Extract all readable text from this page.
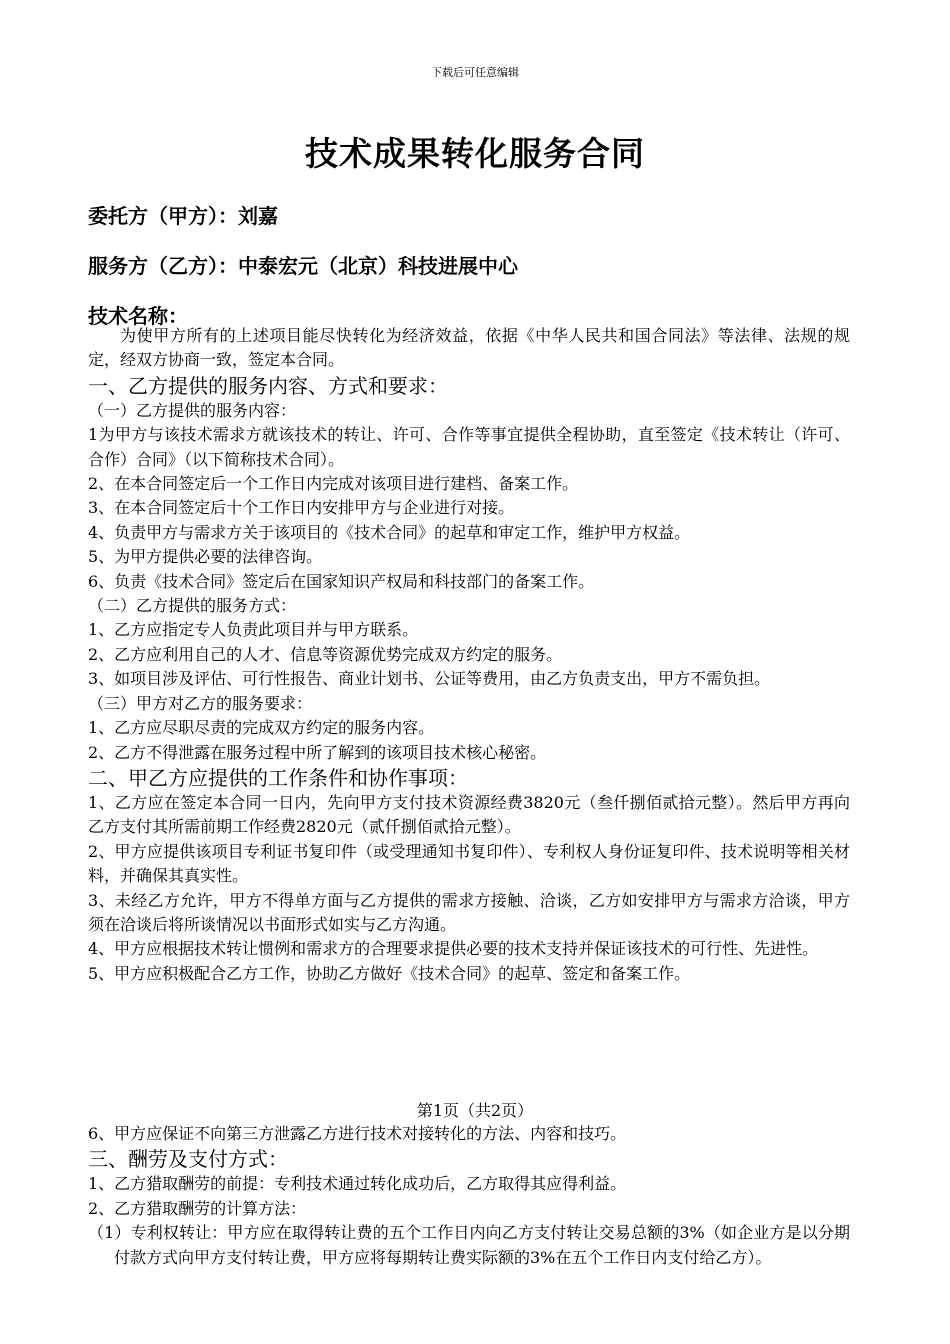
下载后可任意编辑
技术成果转化服务合同
委托方（甲方）：刘嘉
服务方（乙方）：中泰宏元（北京）科技进展中心
技术名称：

为使甲方所有的上述项目能尽快转化为经济效益，依据《中华人民共和国合同法》等法律、法规的规定，经双方协商一致，签定本合同。

一、乙方提供的服务内容、方式和要求：

（一）乙方提供的服务内容：

1为甲方与该技术需求方就该技术的转让、许可、合作等事宜提供全程协助，直至签定《技术转让（许可、合作）合同》（以下简称技术合同）。

2、在本合同签定后一个工作日内完成对该项目进行建档、备案工作。

3、在本合同签定后十个工作日内安排甲方与企业进行对接。

4、负责甲方与需求方关于该项目的《技术合同》的起草和审定工作，维护甲方权益。

5、为甲方提供必要的法律咨询。

6、负责《技术合同》签定后在国家知识产权局和科技部门的备案工作。

（二）乙方提供的服务方式：

1、乙方应指定专人负责此项目并与甲方联系。

2、乙方应利用自己的人才、信息等资源优势完成双方约定的服务。

3、如项目涉及评估、可行性报告、商业计划书、公证等费用，由乙方负责支出，甲方不需负担。

（三）甲方对乙方的服务要求：

1、乙方应尽职尽责的完成双方约定的服务内容。

2、乙方不得泄露在服务过程中所了解到的该项目技术核心秘密。

二、甲乙方应提供的工作条件和协作事项：

1、乙方应在签定本合同一日内，先向甲方支付技术资源经费3820元（叁仟捌佰贰拾元整）。然后甲方再向乙方支付其所需前期工作经费2820元（贰仟捌佰贰拾元整）。

2、甲方应提供该项目专利证书复印件（或受理通知书复印件）、专利权人身份证复印件、技术说明等相关材料，并确保其真实性。

3、未经乙方允许，甲方不得单方面与乙方提供的需求方接触、洽谈，乙方如安排甲方与需求方洽谈，甲方须在洽谈后将所谈情况以书面形式如实与乙方沟通。

4、甲方应根据技术转让惯例和需求方的合理要求提供必要的技术支持并保证该技术的可行性、先进性。

5、甲方应积极配合乙方工作，协助乙方做好《技术合同》的起草、签定和备案工作。

第1页（共2页）

6、甲方应保证不向第三方泄露乙方进行技术对接转化的方法、内容和技巧。

三、酬劳及支付方式：

1、乙方猎取酬劳的前提：专利技术通过转化成功后，乙方取得其应得利益。

2、乙方猎取酬劳的计算方法：

（1）专利权转让：甲方应在取得转让费的五个工作日内向乙方支付转让交易总额的3%（如企业方是以分期付款方式向甲方支付转让费，甲方应将每期转让费实际额的3%在五个工作日内支付给乙方）。
